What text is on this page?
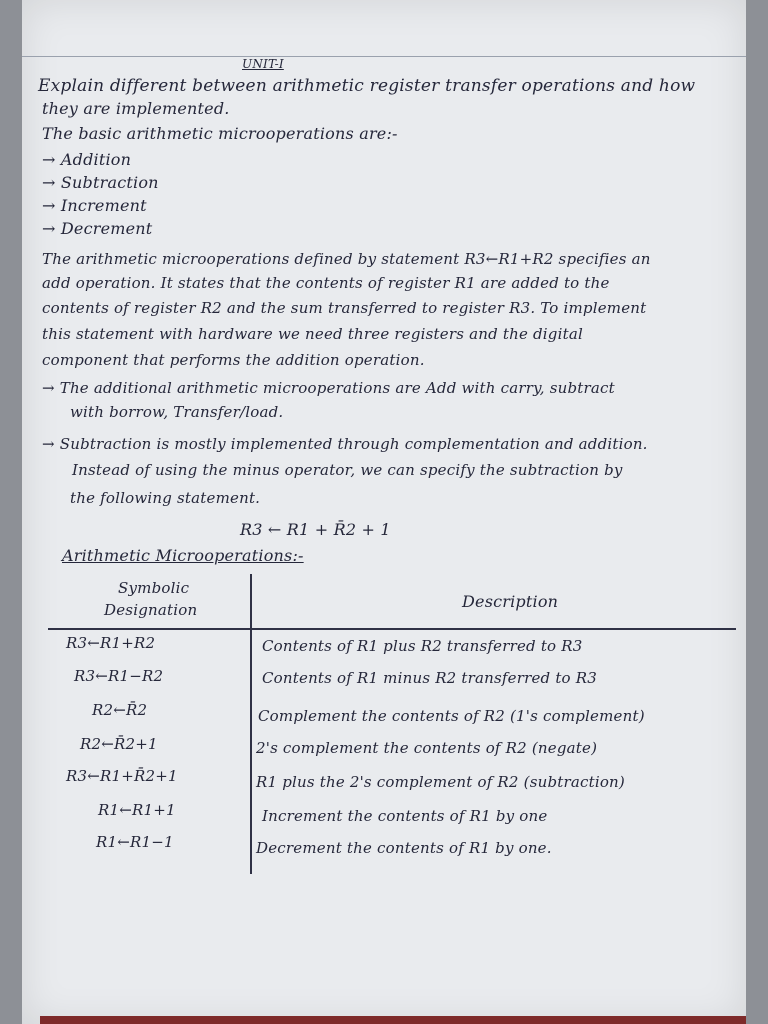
UNIT-I
Explain different between arithmetic register transfer operations and how
they are implemented.
The basic arithmetic microoperations are:-
→ Addition
→ Subtraction
→ Increment
→ Decrement
The arithmetic microoperations defined by statement R3←R1+R2 specifies an
add operation. It states that the contents of register R1 are added to the
contents of register R2 and the sum transferred to register R3. To implement
this statement with hardware we need three registers and the digital
component that performs the addition operation.
→ The additional arithmetic microoperations are Add with carry, subtract
with borrow, Transfer/load.
→ Subtraction is mostly implemented through complementation and addition.
Instead of using the minus operator, we can specify the subtraction by
the following statement.
R3 ← R1 + R̄2 + 1
Arithmetic Microoperations:-
Symbolic
Designation	Description
R3←R1+R2	Contents of R1 plus R2 transferred to R3
R3←R1−R2	Contents of R1 minus R2 transferred to R3
R2←R̄2	Complement the contents of R2 (1's complement)
R2←R̄2+1	2's complement the contents of R2 (negate)
R3←R1+R̄2+1	R1 plus the 2's complement of R2 (subtraction)
R1←R1+1	Increment the contents of R1 by one
R1←R1−1	Decrement the contents of R1 by one.
